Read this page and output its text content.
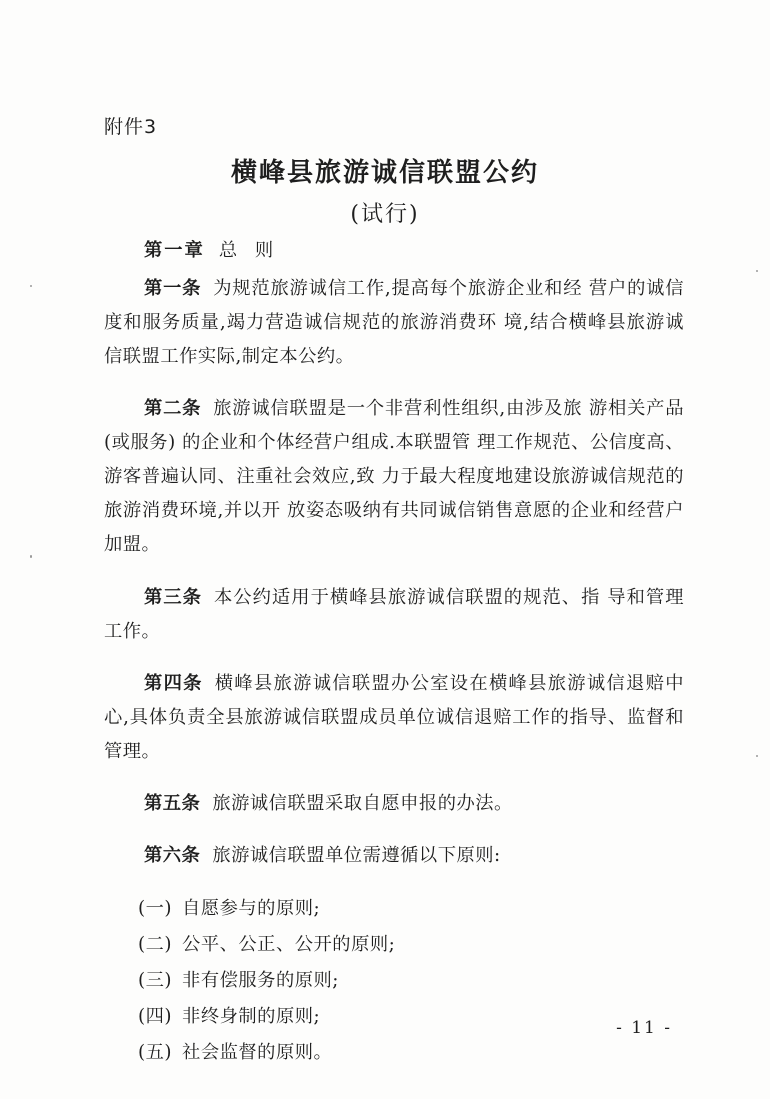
附件3
横峰县旅游诚信联盟公约
(试行)
第一章 总 则

第一条 为规范旅游诚信工作,提高每个旅游企业和经 营户的诚信度和服务质量,竭力营造诚信规范的旅游消费环 境,结合横峰县旅游诚信联盟工作实际,制定本公约。

第二条 旅游诚信联盟是一个非营利性组织,由涉及旅 游相关产品(或服务) 的企业和个体经营户组成.本联盟管 理工作规范、公信度高、游客普遍认同、注重社会效应,致 力于最大程度地建设旅游诚信规范的旅游消费环境,并以开 放姿态吸纳有共同诚信销售意愿的企业和经营户加盟。

第三条 本公约适用于横峰县旅游诚信联盟的规范、指 导和管理工作。

第四条 横峰县旅游诚信联盟办公室设在横峰县旅游诚信退赔中心,具体负责全县旅游诚信联盟成员单位诚信退赔工作的指导、监督和管理。

第五条 旅游诚信联盟采取自愿申报的办法。

第六条 旅游诚信联盟单位需遵循以下原则:

(一) 自愿参与的原则;
(二) 公平、公正、公开的原则;
(三) 非有偿服务的原则;
(四) 非终身制的原则;
(五) 社会监督的原则。
- 11 -
